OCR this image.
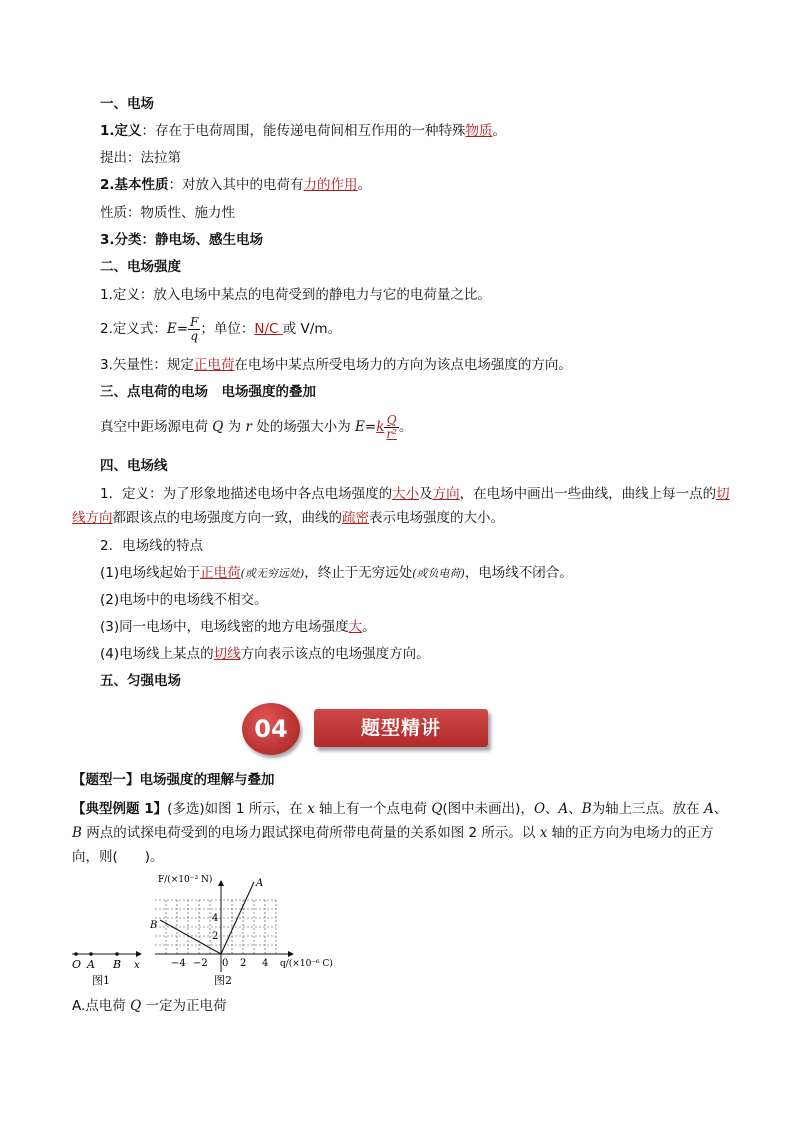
一、电场
1.定义：存在于电荷周围，能传递电荷间相互作用的一种特殊物质。
提出：法拉第
2.基本性质：对放入其中的电荷有力的作用。
性质：物质性、施力性
3.分类：静电场、感生电场
二、电场强度
1.定义：放入电场中某点的电荷受到的静电力与它的电荷量之比。
2.定义式：$E= \frac{F}{q}$ ；单位：N/C 或 V/m。
3.矢量性：规定正电荷在电场中某点所受电场力的方向为该点电场强度的方向。
三、点电荷的电场　电场强度的叠加
真空中距场源电荷 Q 为 r 处的场强大小为 $E=k \frac{Q}{\text{r²}}$ 。
四、电场线
1．定义：为了形象地描述电场中各点电场强度的大小及方向，在电场中画出一些曲线，曲线上每一点的切线方向都跟该点的电场强度方向一致，曲线的疏密表示电场强度的大小。
2．电场线的特点
(1)电场线起始于正电荷(或无穷远处)，终止于无穷远处(或负电荷)，电场线不闭合。
(2)电场中的电场线不相交。
(3)同一电场中，电场线密的地方电场强度大。
(4)电场线上某点的切线方向表示该点的电场强度方向。
五、匀强电场
04	题型精讲
【题型一】电场强度的理解与叠加
【典型例题 1】(多选)如图 1 所示，在 x 轴上有一个点电荷 Q(图中未画出)，O、A、B为轴上三点。放在 A、B 两点的试探电荷受到的电场力跟试探电荷所带电荷量的关系如图 2 所示。以 x 轴的正方向为电场力的正方向，则(　　)。
O A B x
图1
F/(×10⁻³ N)
q/(×10⁻⁶ C)
A
B
−4 −2 0 2 4
4
2
图2
A.点电荷 Q 一定为正电荷
